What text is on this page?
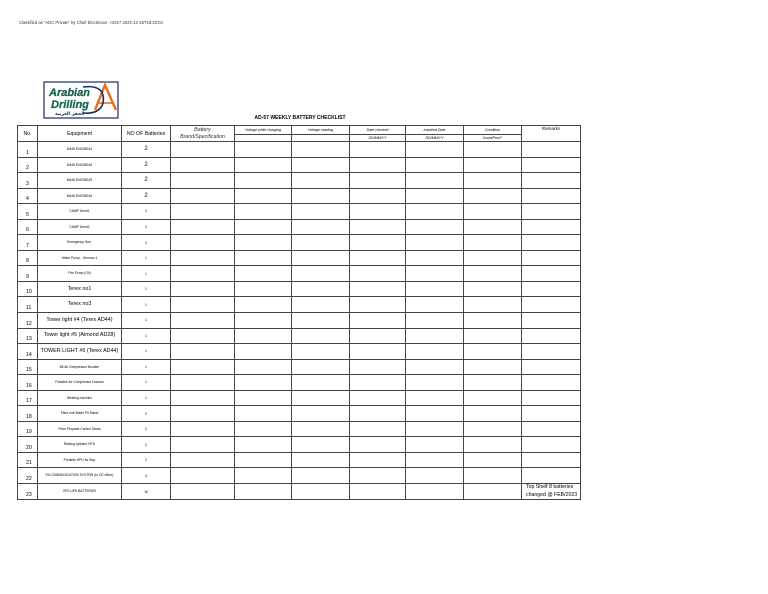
Classified as "ADC Private" by Chief Electrician - ADS7 2022-12-25T18:33:03
Arabian
Drilling
الحفر العربية
AD-57 WEEKLY BATTERY CHECKLIST
No.	Equipment	NO OF Batteries	Battery
Brand/Specification	Voltage while charging	Voltage reading	Date checked	Installed Date	Condition	Remarks
						DD/MM/YY	DD/MM/YY	Good/Poor?	
1	MAIN ENGINE#1	2							
2	MAIN ENGINE#2	2							
3	MAIN ENGINE#3	2							
4	MAIN ENGINE#4	2							
5	CAMP Gen#1	2							
6	CAMP Gen#2	2							
7	Emergency Gen.	2							
8	Water Pump - German 1	1							
9	Fire Pump (Oil)	1							
10	Terex no1	1							
11	Terex no3	1							
12	Tower light #4 (Terex AD44)	1							
13	Tower light #5 (Almond AD28)	1							
14	TOWER LIGHT #6 (Terex AD44)	1							
15	Bit Air Compressor Booster	1							
16	Portable Air Compressor Doosan	1							
17	Welding machine	1							
18	Flare unit Water Pit Stand	2							
19	Flare Propane Control Stand	2							
20	Raising cylinder HPU	2							
21	Portable HPU for Bop	2							
22	PA COMMUNICATION SYSTEM (In CE office)	4							
23	VFD UPS BATTERIES	16							Top Shelf 8 batteries changed @ FEB/2023
